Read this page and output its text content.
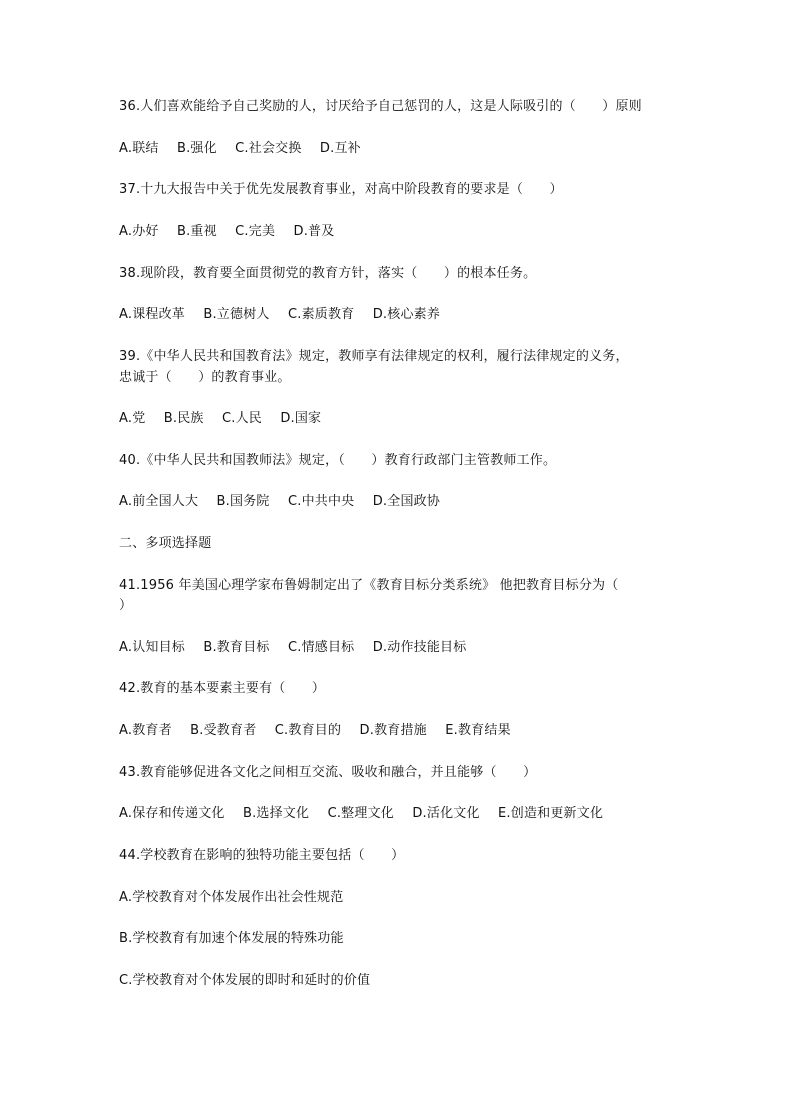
36.人们喜欢能给予自己奖励的人，讨厌给予自己惩罚的人，这是人际吸引的（　　）原则
A.联结 B.强化 C.社会交换 D.互补
37.十九大报告中关于优先发展教育事业，对高中阶段教育的要求是（　　）
A.办好 B.重视 C.完美 D.普及
38.现阶段，教育要全面贯彻党的教育方针，落实（　　）的根本任务。
A.课程改革 B.立德树人 C.素质教育 D.核心素养
39.《中华人民共和国教育法》规定，教师享有法律规定的权利，履行法律规定的义务，
忠诚于（　　）的教育事业。
A.党 B.民族 C.人民 D.国家
40.《中华人民共和国教师法》规定，（　　）教育行政部门主管教师工作。
A.前全国人大 B.国务院 C.中共中央 D.全国政协
二、多项选择题
41.1956 年美国心理学家布鲁姆制定出了《教育目标分类系统》 他把教育目标分为（
）
A.认知目标 B.教育目标 C.情感目标 D.动作技能目标
42.教育的基本要素主要有（　　）
A.教育者 B.受教育者 C.教育目的 D.教育措施 E.教育结果
43.教育能够促进各文化之间相互交流、吸收和融合，并且能够（　　）
A.保存和传递文化 B.选择文化 C.整理文化 D.活化文化 E.创造和更新文化
44.学校教育在影响的独特功能主要包括（　　）
A.学校教育对个体发展作出社会性规范
B.学校教育有加速个体发展的特殊功能
C.学校教育对个体发展的即时和延时的价值
